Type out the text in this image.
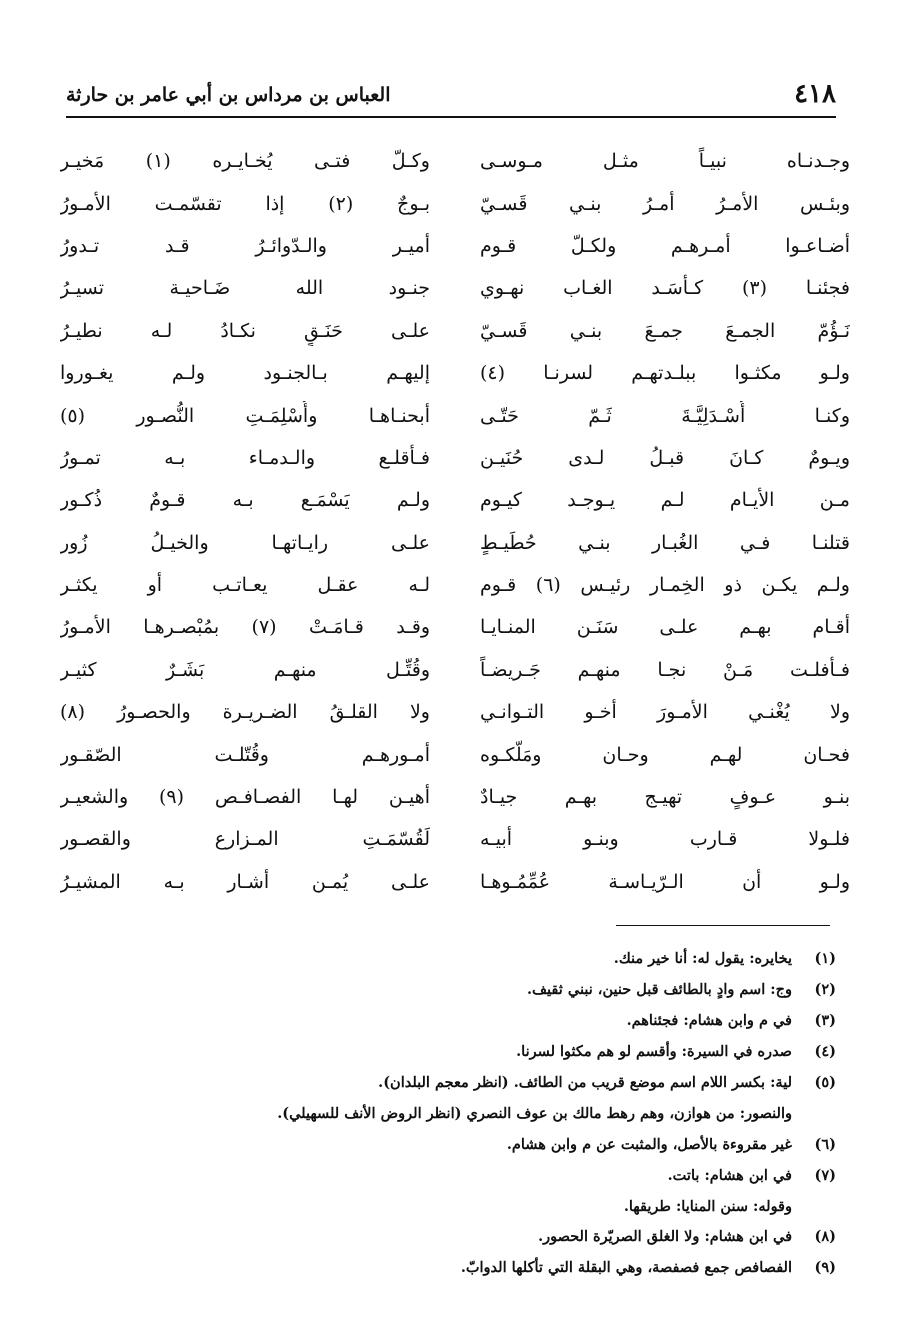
٤١٨
العباس بن مرداس بن أبي عامر بن حارثة
وجـدنـاه نبيـاً مثـل مـوسـى
وكـلّ فتـى يُخـايـره (١) مَخيـر
وبئـس الأمـرُ أمـرُ بنـي قَسـيّ
بـوجٌ (٢) إذا تقسّمـت الأمـورُ
أضـاعـوا أمـرهـم ولكـلّ قـوم
أميـر والـدّوائـرُ قـد تـدورُ
فجئنـا (٣) كـأسَـد الغـاب نهـوي
جنـود الله ضَـاحيـة تسيـرُ
نَـؤُمّ الجمـعَ جمـعَ بنـي قَسـيّ
علـى حَنَـقٍ نكـادُ لـه نطيـرُ
ولـو مكثـوا ببلـدتهـم لسرنـا (٤)
إليهـم بـالجنـود ولـم يغـوروا
وكنـا أُسْـدَلِيَّـةَ ثَـمّ حَتّـى
أبحنـاهـا وأُسْلِمَـتِ النُّصـور (٥)
ويـومٌ كـانَ قبـلُ لـدى حُنَيـن
فـأقلـع والـدمـاء بـه تمـورُ
مـن الأيـام لـم يـوجـد كيـوم
ولـم يَسْمَـع بـه قـومٌ ذُكـور
قتلنـا فـي الغُبـار بنـي حُطَيـطٍ
علـى رايـاتهـا والخيـلُ زُور
ولـم يكـن ذو الخِمـار رئيـس (٦) قـوم
لـه عقـل يعـاتـب أو يكثـر
أقـام بهـم علـى سَنَـن المنـايـا
وقـد قـامَـتْ (٧) بمُبْصـرهـا الأمـورُ
فـأفلـت مَـنْ نجـا منهـم جَـريضـاً
وقُتِّـل منهـم بَشَـرٌ كثيـر
ولا يُغْنـي الأمـورَ أخـو التـوانـي
ولا القلـقُ الضـريـرة والحصـورُ (٨)
فحـان لهـم وحـان ومَلّكـوه
أمـورهـم وقُتّلـت الصّقـور
بنـو عـوفٍ تهيـج بهـم جيـادٌ
أهيـن لهـا الفصـافـص (٩) والشعيـر
فلـولا قـارب وبنـو أبيـه
لَقُسّمَـتِ المـزارع والقصـور
ولـو أن الـرّيـاسـة عُمِّمُـوهـا
علـى يُمـن أشـار بـه المشيـرُ
(١)
يخايره: يقول له: أنا خير منك.
(٢)
وج: اسم وادٍ بالطائف قبل حنين، نبني ثقيف.
(٣)
في م وابن هشام: فجئناهم.
(٤)
صدره في السيرة: وأقسم لو هم مكثوا لسرنا.
(٥)
لية: بكسر اللام اسم موضع قريب من الطائف. (انظر معجم البلدان).
والنصور: من هوازن، وهم رهط مالك بن عوف النصري (انظر الروض الأنف للسهيلي).
(٦)
غير مقروءة بالأصل، والمثبت عن م وابن هشام.
(٧)
في ابن هشام: باتت.
وقوله: سنن المنايا: طريقها.
(٨)
في ابن هشام: ولا الغلق الصريّرة الحصور.
(٩)
الفصافص جمع فصفصة، وهي البقلة التي تأكلها الدوابّ.
